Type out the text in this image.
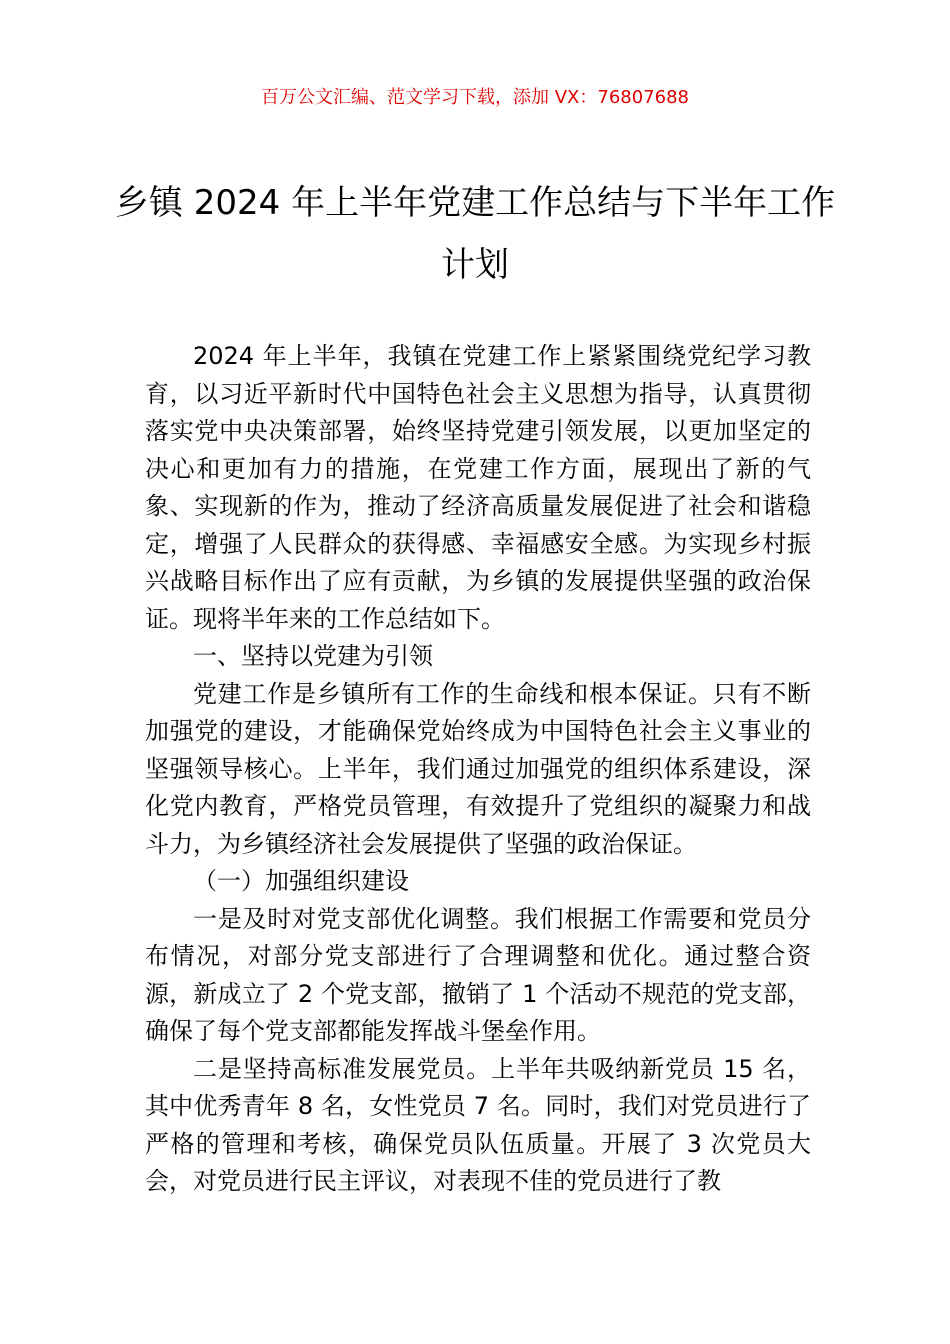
百万公文汇编、范文学习下载，添加 VX：76807688
乡镇 2024 年上半年党建工作总结与下半年工作计划

2024 年上半年，我镇在党建工作上紧紧围绕党纪学习教育，以习近平新时代中国特色社会主义思想为指导，认真贯彻落实党中央决策部署，始终坚持党建引领发展，以更加坚定的决心和更加有力的措施，在党建工作方面，展现出了新的气象、实现新的作为，推动了经济高质量发展促进了社会和谐稳定，增强了人民群众的获得感、幸福感安全感。为实现乡村振兴战略目标作出了应有贡献，为乡镇的发展提供坚强的政治保证。现将半年来的工作总结如下。

一、坚持以党建为引领

党建工作是乡镇所有工作的生命线和根本保证。只有不断加强党的建设，才能确保党始终成为中国特色社会主义事业的坚强领导核心。上半年，我们通过加强党的组织体系建设，深化党内教育，严格党员管理，有效提升了党组织的凝聚力和战斗力，为乡镇经济社会发展提供了坚强的政治保证。

（一）加强组织建设

一是及时对党支部优化调整。我们根据工作需要和党员分布情况，对部分党支部进行了合理调整和优化。通过整合资源，新成立了 2 个党支部，撤销了 1 个活动不规范的党支部，确保了每个党支部都能发挥战斗堡垒作用。

二是坚持高标准发展党员。上半年共吸纳新党员 15 名，其中优秀青年 8 名，女性党员 7 名。同时，我们对党员进行了严格的管理和考核，确保党员队伍质量。开展了 3 次党员大会，对党员进行民主评议，对表现不佳的党员进行了教
